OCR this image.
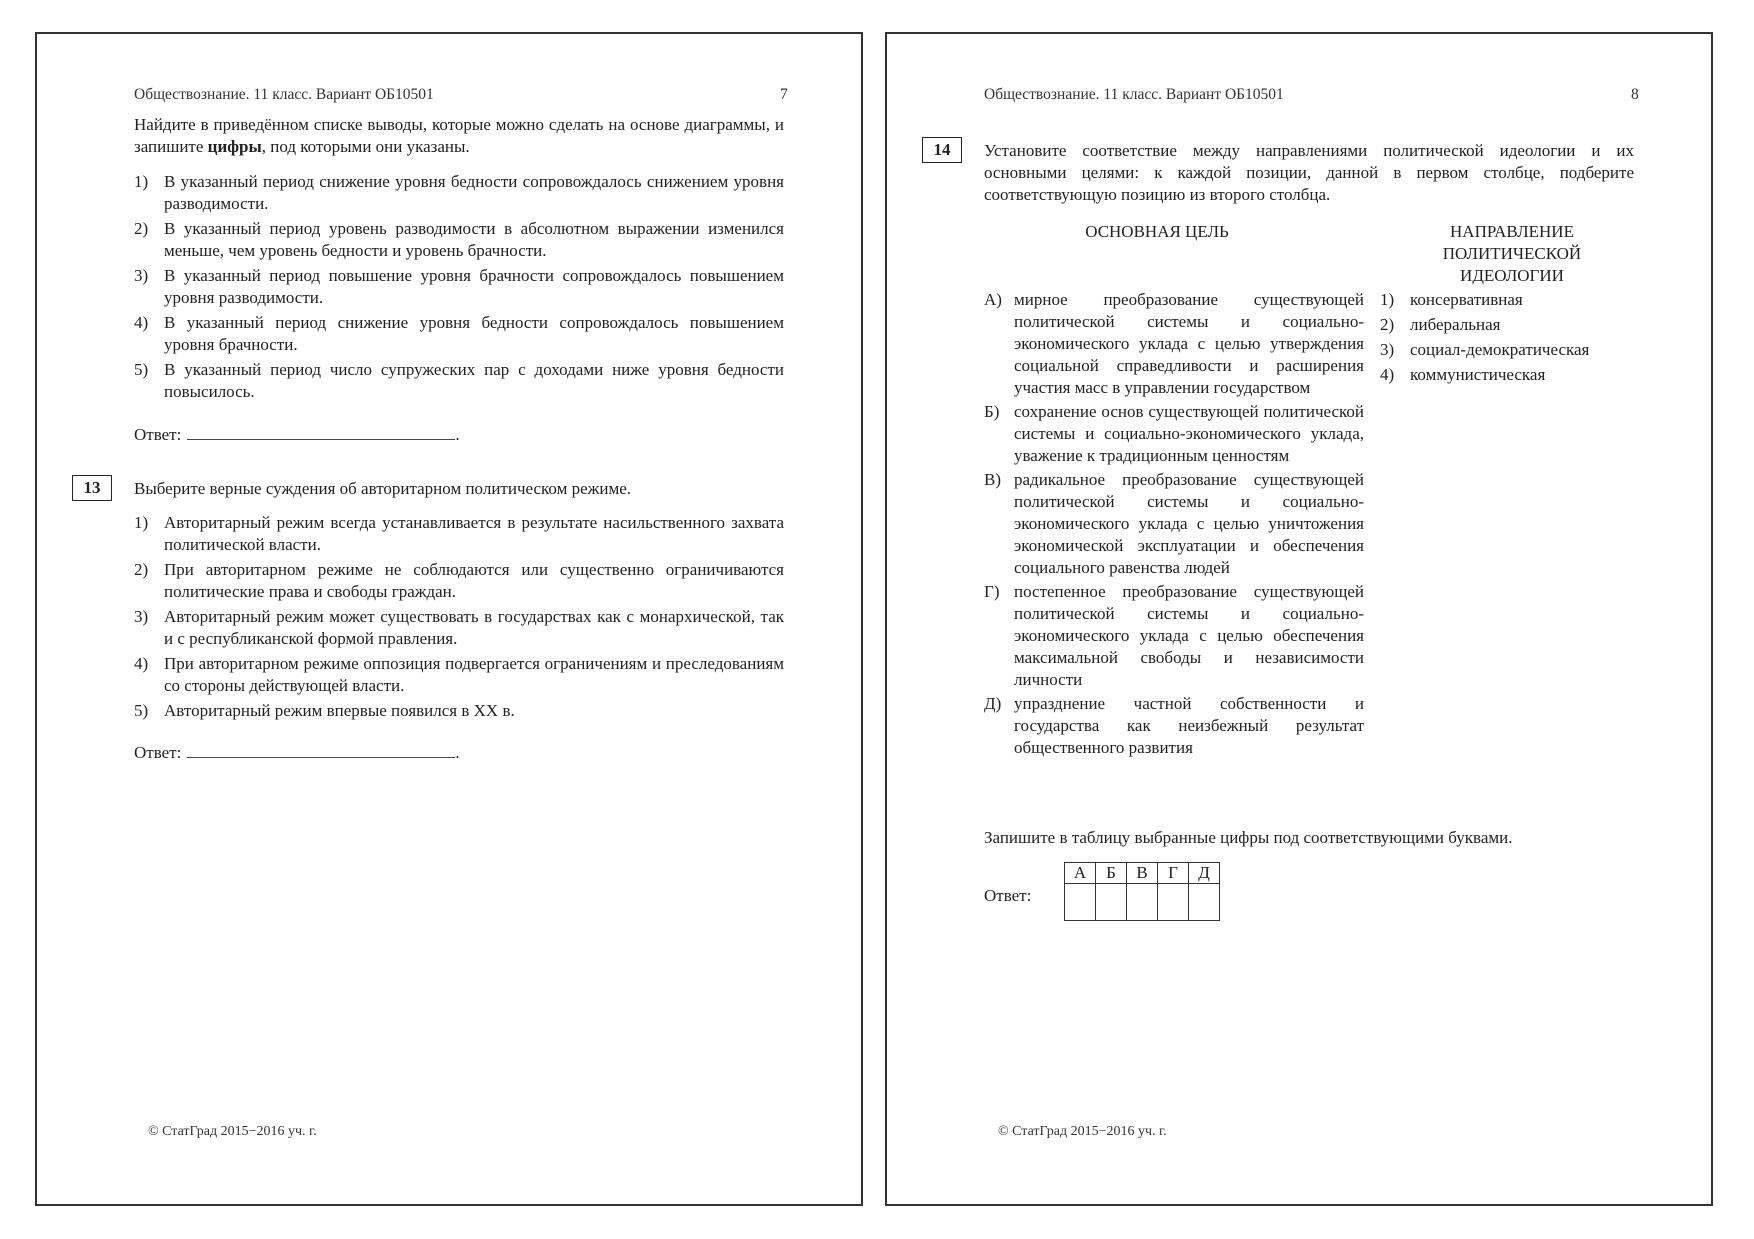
Обществознание. 11 класс. Вариант ОБ10501	7
Найдите в приведённом списке выводы, которые можно сделать на основе диаграммы, и запишите цифры, под которыми они указаны.
1) В указанный период снижение уровня бедности сопровождалось снижением уровня разводимости.
2) В указанный период уровень разводимости в абсолютном выражении изменился меньше, чем уровень бедности и уровень брачности.
3) В указанный период повышение уровня брачности сопровождалось повышением уровня разводимости.
4) В указанный период снижение уровня бедности сопровождалось повышением уровня брачности.
5) В указанный период число супружеских пар с доходами ниже уровня бедности повысилось.
Ответ:	.
13	Выберите верные суждения об авторитарном политическом режиме.
1) Авторитарный режим всегда устанавливается в результате насильственного захвата политической власти.
2) При авторитарном режиме не соблюдаются или существенно ограничиваются политические права и свободы граждан.
3) Авторитарный режим может существовать в государствах как с монархической, так и с республиканской формой правления.
4) При авторитарном режиме оппозиция подвергается ограничениям и преследованиям со стороны действующей власти.
5) Авторитарный режим впервые появился в XX в.
Ответ:	.
© СтатГрад 2015−2016 уч. г.
Обществознание. 11 класс. Вариант ОБ10501	8
14	Установите соответствие между направлениями политической идеологии и их основными целями: к каждой позиции, данной в первом столбце, подберите соответствующую позицию из второго столбца.
ОСНОВНАЯ ЦЕЛЬ	НАПРАВЛЕНИЕ ПОЛИТИЧЕСКОЙ ИДЕОЛОГИИ
А) мирное преобразование существующей политической системы и социально-экономического уклада с целью утверждения социальной справедливости и расширения участия масс в управлении государством
Б) сохранение основ существующей политической системы и социально-экономического уклада, уважение к традиционным ценностям
В) радикальное преобразование существующей политической системы и социально-экономического уклада с целью уничтожения экономической эксплуатации и обеспечения социального равенства людей
Г) постепенное преобразование существующей политической системы и социально-экономического уклада с целью обеспечения максимальной свободы и независимости личности
Д) упразднение частной собственности и государства как неизбежный результат общественного развития
1) консервативная
2) либеральная
3) социал-демократическая
4) коммунистическая
Запишите в таблицу выбранные цифры под соответствующими буквами.
Ответ:
А	Б	В	Г	Д

© СтатГрад 2015−2016 уч. г.
